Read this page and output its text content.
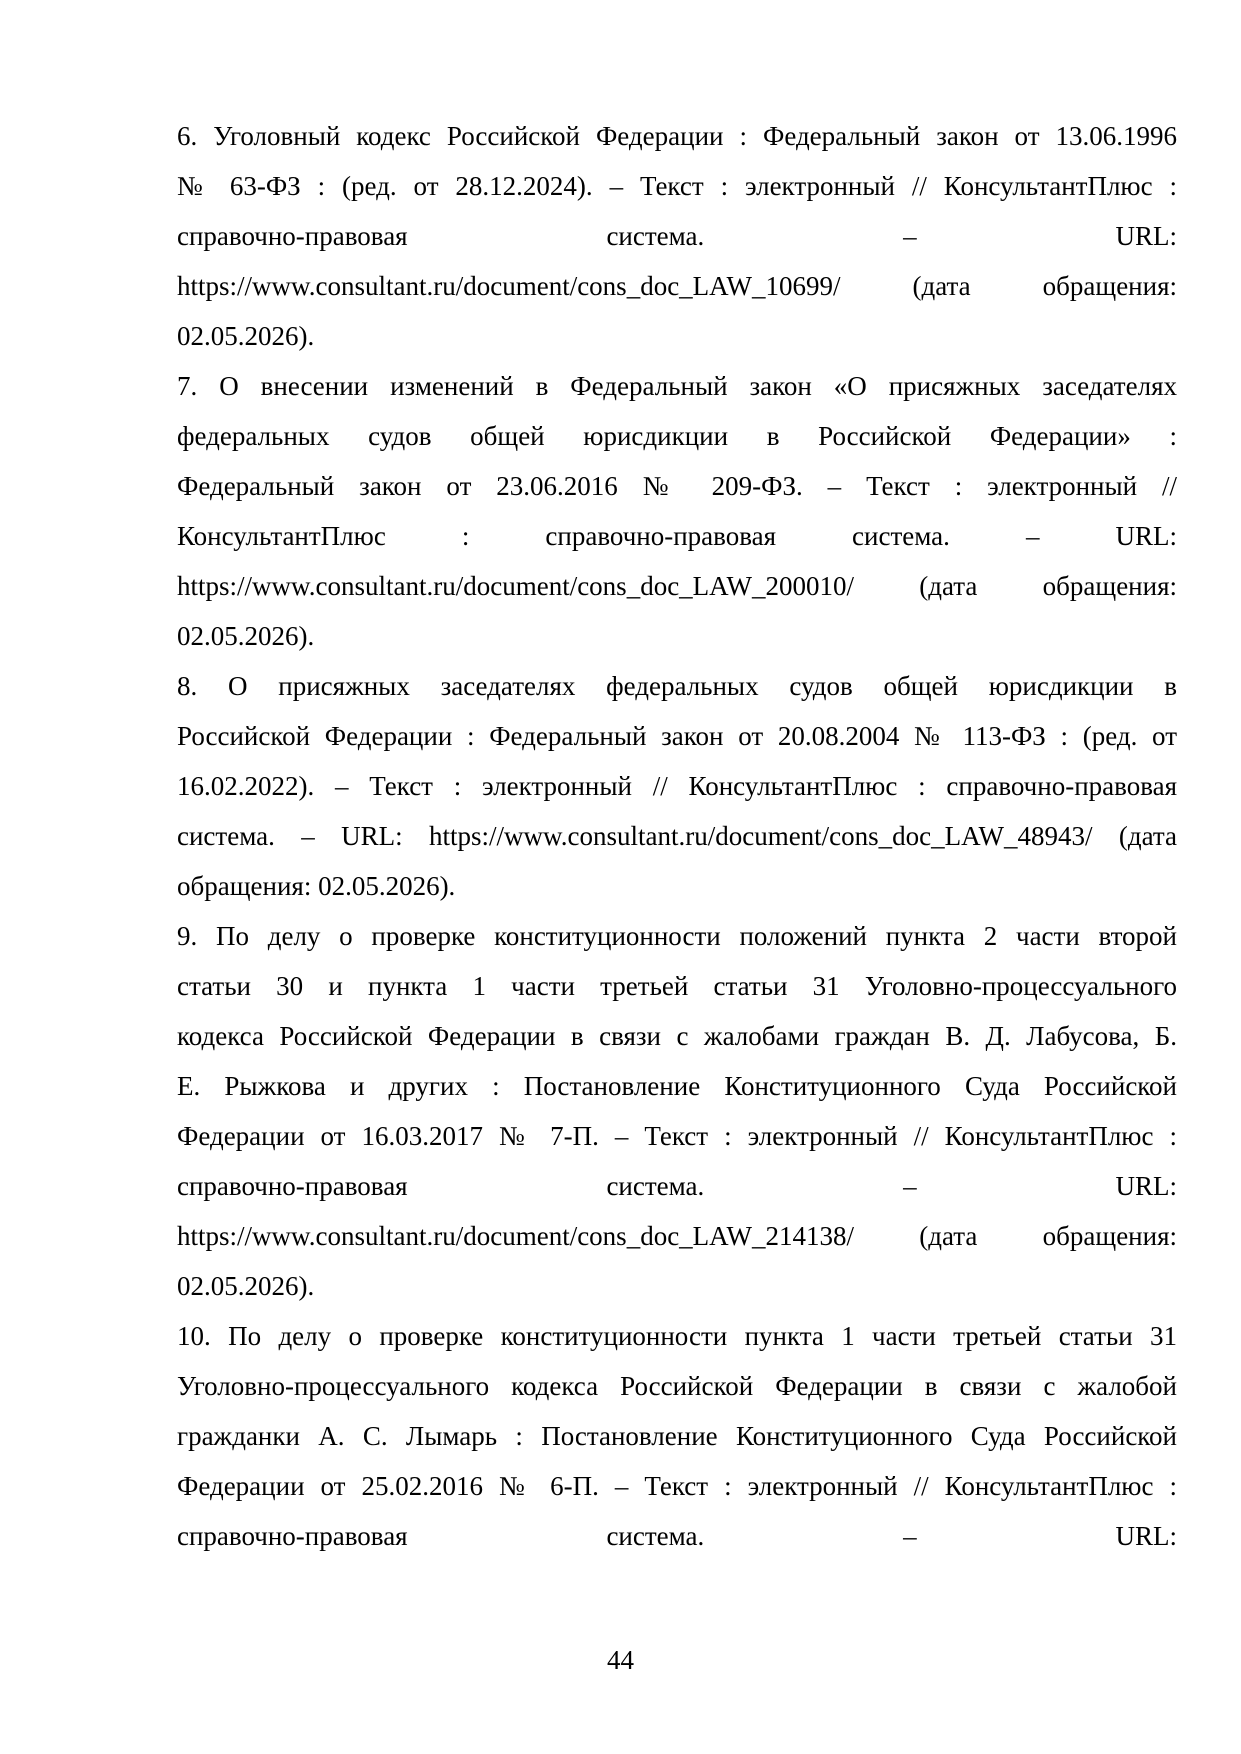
6. Уголовный кодекс Российской Федерации : Федеральный закон от 13.06.1996
№ 63-ФЗ : (ред. от 28.12.2024). – Текст : электронный // КонсультантПлюс :
справочно-правовая система. – URL:
https://www.consultant.ru/document/cons_doc_LAW_10699/ (дата обращения:
02.05.2026).

7. О внесении изменений в Федеральный закон «О присяжных заседателях
федеральных судов общей юрисдикции в Российской Федерации» :
Федеральный закон от 23.06.2016 № 209-ФЗ. – Текст : электронный //
КонсультантПлюс : справочно-правовая система. – URL:
https://www.consultant.ru/document/cons_doc_LAW_200010/ (дата обращения:
02.05.2026).

8. О присяжных заседателях федеральных судов общей юрисдикции в
Российской Федерации : Федеральный закон от 20.08.2004 № 113-ФЗ : (ред. от
16.02.2022). – Текст : электронный // КонсультантПлюс : справочно-правовая
система. – URL: https://www.consultant.ru/document/cons_doc_LAW_48943/ (дата
обращения: 02.05.2026).

9. По делу о проверке конституционности положений пункта 2 части второй
статьи 30 и пункта 1 части третьей статьи 31 Уголовно-процессуального
кодекса Российской Федерации в связи с жалобами граждан В. Д. Лабусова, Б.
Е. Рыжкова и других : Постановление Конституционного Суда Российской
Федерации от 16.03.2017 № 7-П. – Текст : электронный // КонсультантПлюс :
справочно-правовая система. – URL:
https://www.consultant.ru/document/cons_doc_LAW_214138/ (дата обращения:
02.05.2026).

10. По делу о проверке конституционности пункта 1 части третьей статьи 31
Уголовно-процессуального кодекса Российской Федерации в связи с жалобой
гражданки А. С. Лымарь : Постановление Конституционного Суда Российской
Федерации от 25.02.2016 № 6-П. – Текст : электронный // КонсультантПлюс :
справочно-правовая система. – URL:

44
